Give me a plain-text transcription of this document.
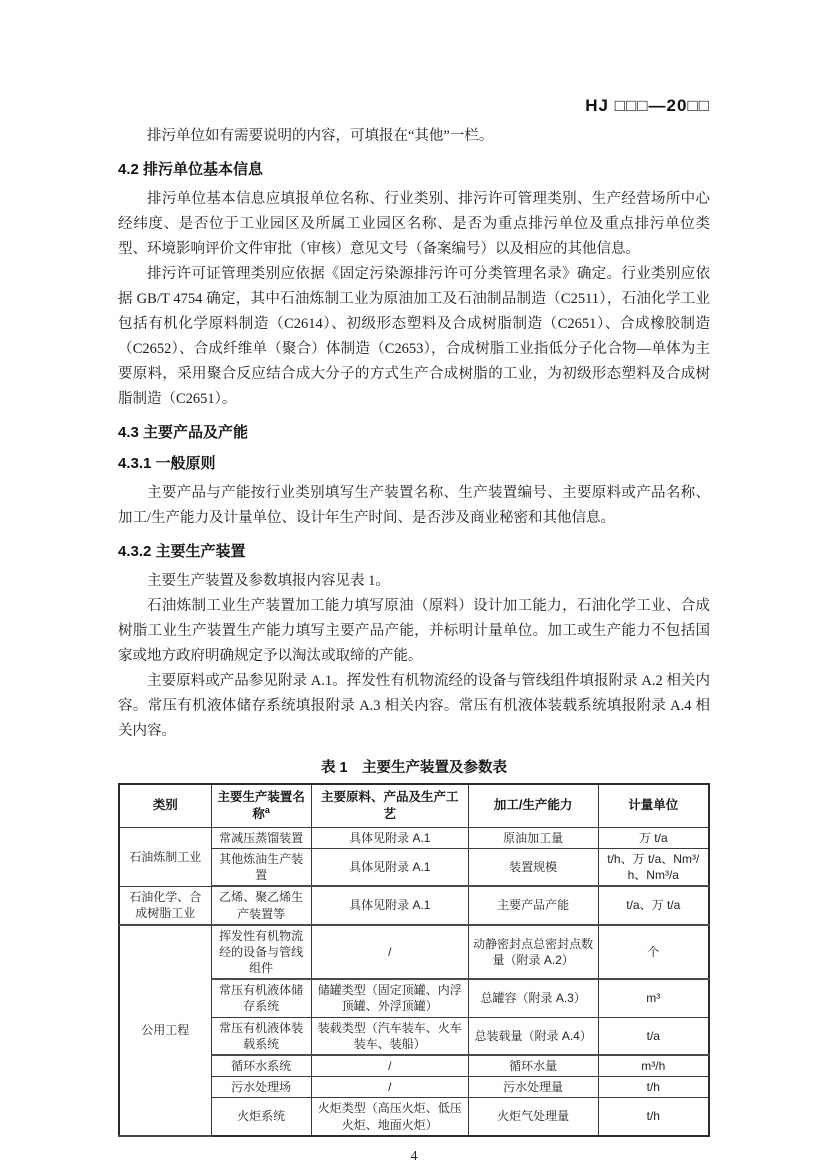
HJ □□□—20□□

排污单位如有需要说明的内容，可填报在“其他”一栏。

4.2 排污单位基本信息

排污单位基本信息应填报单位名称、行业类别、排污许可管理类别、生产经营场所中心经纬度、是否位于工业园区及所属工业园区名称、是否为重点排污单位及重点排污单位类型、环境影响评价文件审批（审核）意见文号（备案编号）以及相应的其他信息。

排污许可证管理类别应依据《固定污染源排污许可分类管理名录》确定。行业类别应依据 GB/T 4754 确定，其中石油炼制工业为原油加工及石油制品制造（C2511），石油化学工业包括有机化学原料制造（C2614）、初级形态塑料及合成树脂制造（C2651）、合成橡胶制造（C2652）、合成纤维单（聚合）体制造（C2653），合成树脂工业指低分子化合物—单体为主要原料，采用聚合反应结合成大分子的方式生产合成树脂的工业，为初级形态塑料及合成树脂制造（C2651）。

4.3 主要产品及产能
4.3.1 一般原则

主要产品与产能按行业类别填写生产装置名称、生产装置编号、主要原料或产品名称、加工/生产能力及计量单位、设计年生产时间、是否涉及商业秘密和其他信息。

4.3.2 主要生产装置

主要生产装置及参数填报内容见表 1。

石油炼制工业生产装置加工能力填写原油（原料）设计加工能力，石油化学工业、合成树脂工业生产装置生产能力填写主要产品产能，并标明计量单位。加工或生产能力不包括国家或地方政府明确规定予以淘汰或取缔的产能。

主要原料或产品参见附录 A.1。挥发性有机物流经的设备与管线组件填报附录 A.2 相关内容。常压有机液体储存系统填报附录 A.3 相关内容。常压有机液体装载系统填报附录 A.4 相关内容。

表 1　主要生产装置及参数表
类别	主要生产装置名称$^a$	主要原料、产品及生产工艺	加工/生产能力	计量单位
石油炼制工业	常减压蒸馏装置	具体见附录 A.1	原油加工量	万 t/a
	其他炼油生产装置	具体见附录 A.1	装置规模	t/h、万 t/a、Nm³/h、Nm³/a
石油化学、合成树脂工业	乙烯、聚乙烯生产装置等	具体见附录 A.1	主要产品产能	t/a、万 t/a
公用工程	挥发性有机物流经的设备与管线组件	/	动静密封点总密封点数量（附录 A.2）	个
	常压有机液体储存系统	储罐类型（固定顶罐、内浮顶罐、外浮顶罐）	总罐容（附录 A.3）	m³
	常压有机液体装载系统	装载类型（汽车装车、火车装车、装船）	总装载量（附录 A.4）	t/a
	循环水系统	/	循环水量	m³/h
	污水处理场	/	污水处理量	t/h
	火炬系统	火炬类型（高压火炬、低压火炬、地面火炬）	火炬气处理量	t/h
4
